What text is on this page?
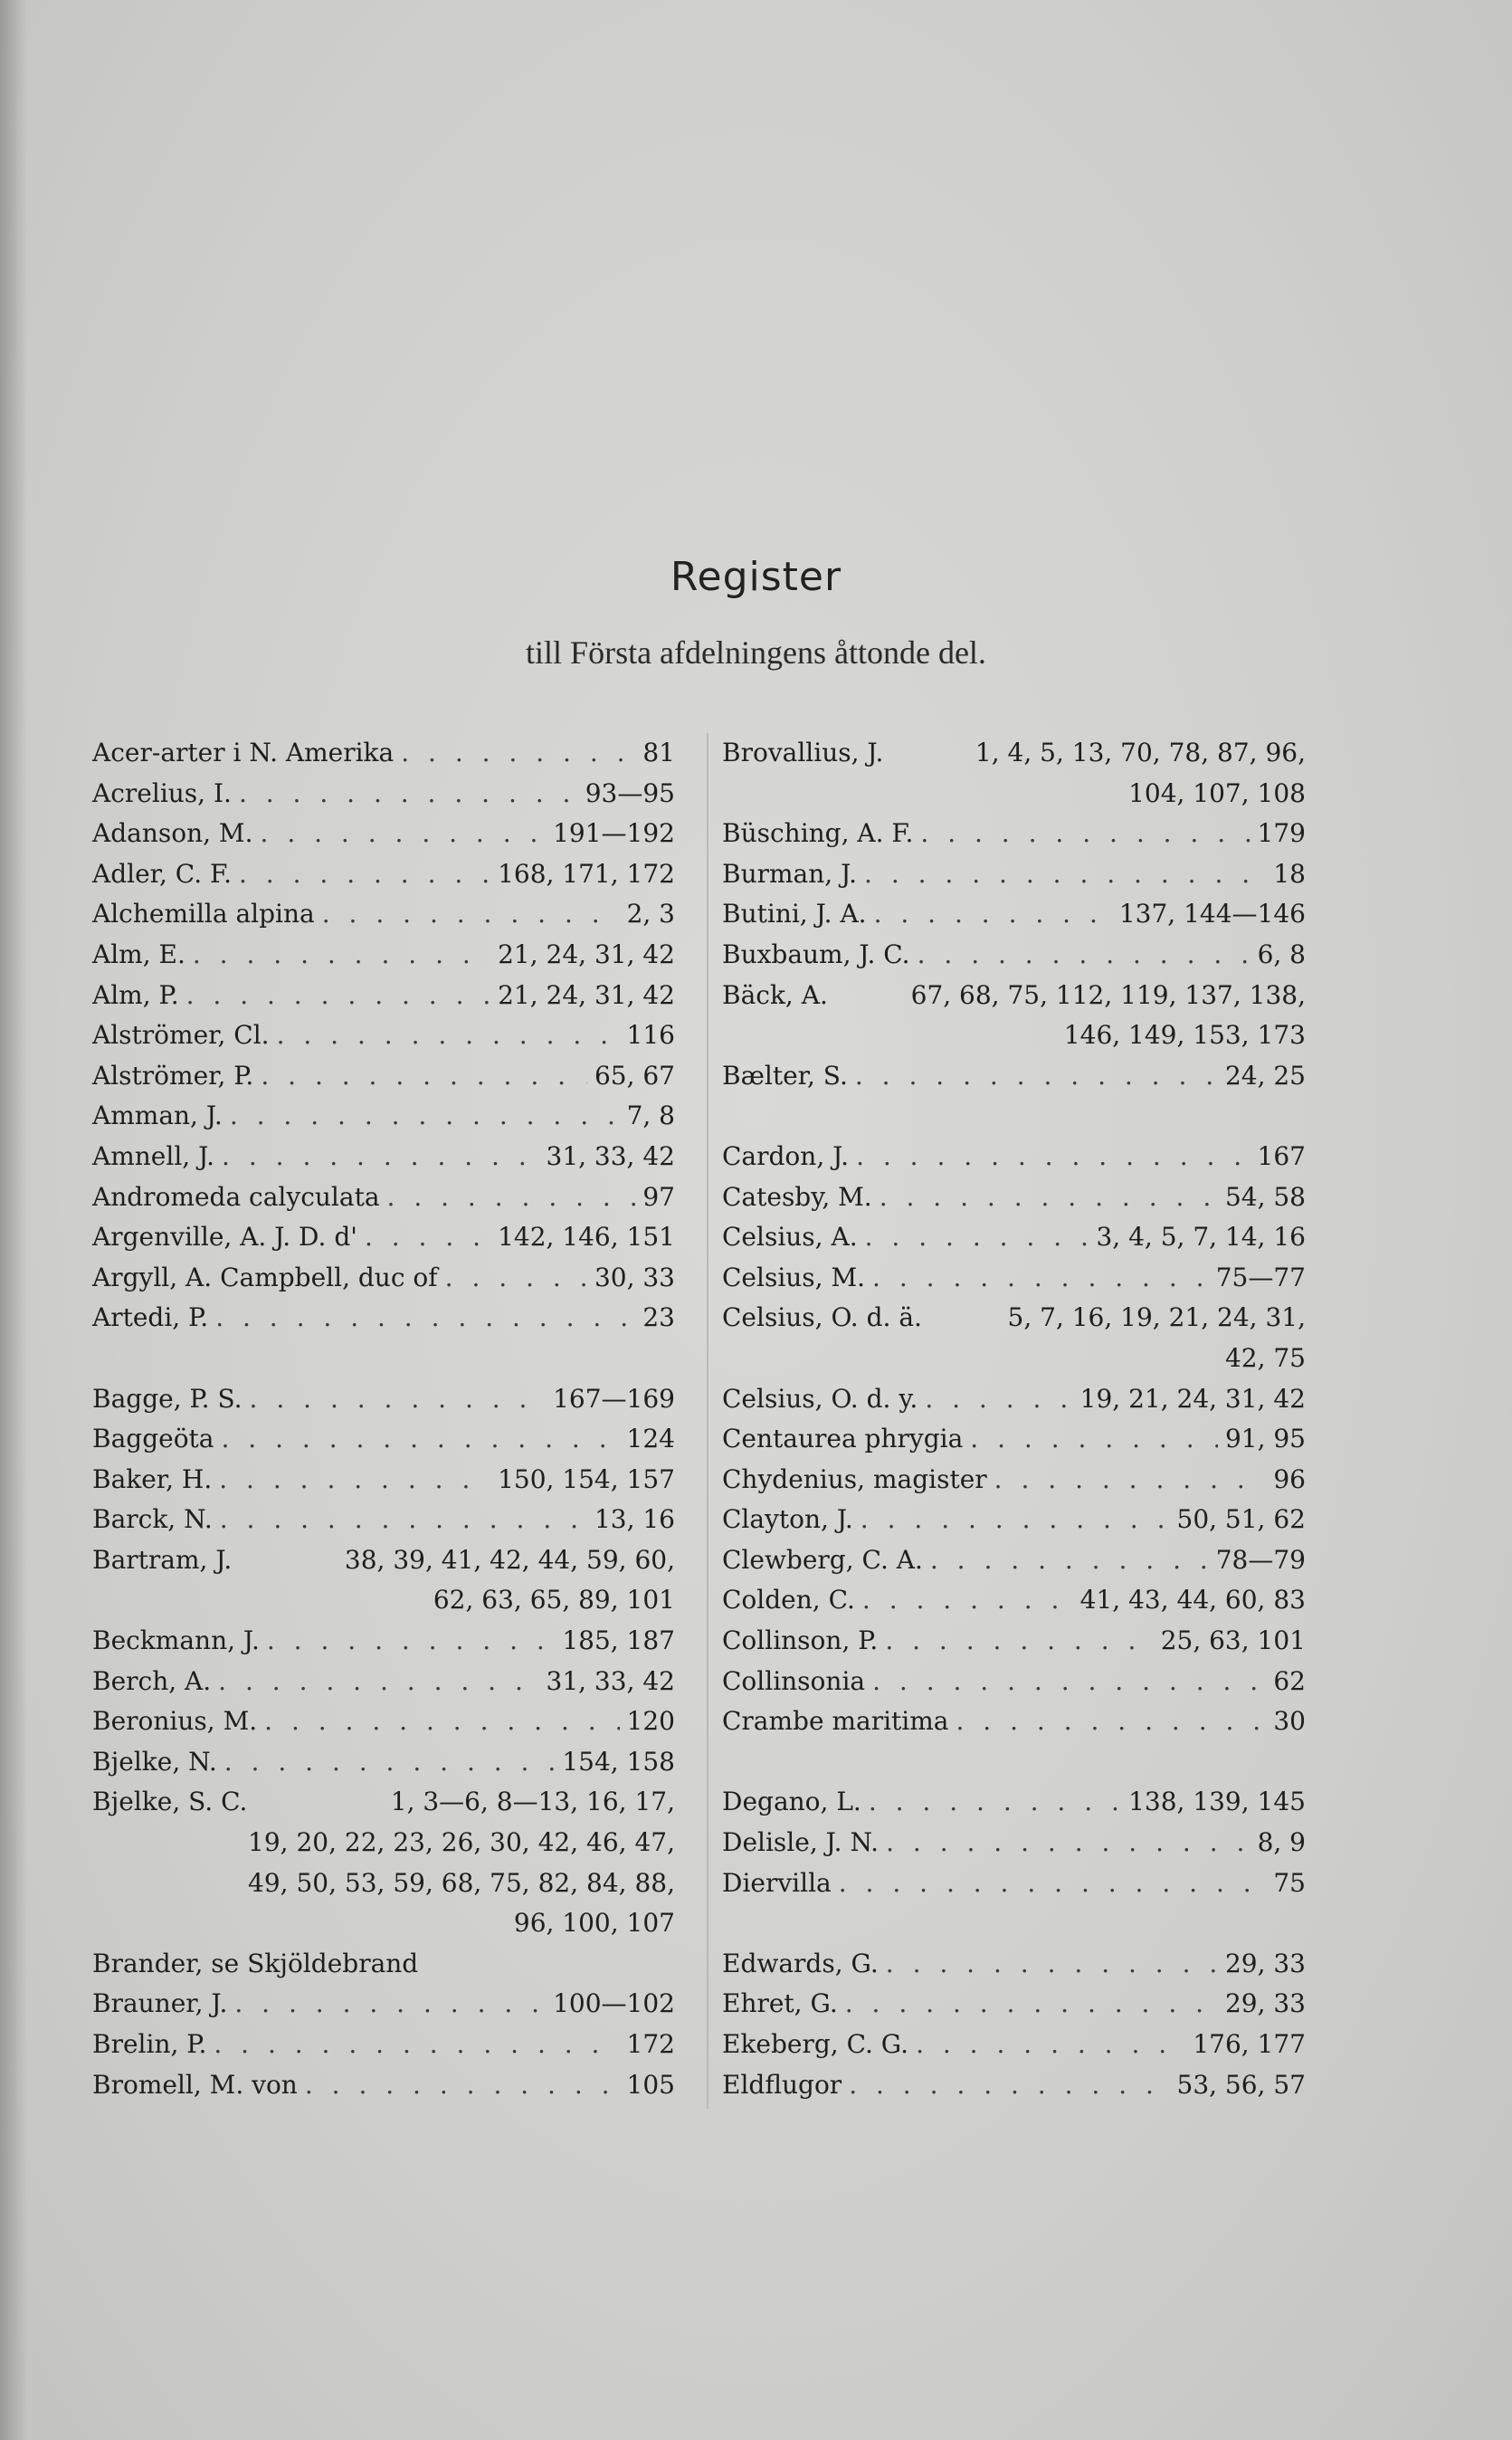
Register
till Första afdelningens åttonde del.
Acer-arter i N. Amerika . . .	81
Acrelius, I. . . .	93—95
Adanson, M. . . .	191—192
Adler, C. F. . . .	168, 171, 172
Alchemilla alpina . . .	2, 3
Alm, E. . . .	21, 24, 31, 42
Alm, P. . . .	21, 24, 31, 42
Alströmer, Cl. . . .	116
Alströmer, P. . . .	65, 67
Amman, J. . . .	7, 8
Amnell, J. . . .	31, 33, 42
Andromeda calyculata . . .	97
Argenville, A. J. D. d' . . .	142, 146, 151
Argyll, A. Campbell, duc of . . .	30, 33
Artedi, P. . . .	23
Bagge, P. S. . . .	167—169
Baggeöta . . .	124
Baker, H. . . .	150, 154, 157
Barck, N. . . .	13, 16
Bartram, J.	38, 39, 41, 42, 44, 59, 60,
62, 63, 65, 89, 101
Beckmann, J. . . .	185, 187
Berch, A. . . .	31, 33, 42
Beronius, M. . . .	120
Bjelke, N. . . .	154, 158
Bjelke, S. C.	1, 3—6, 8—13, 16, 17,
19, 20, 22, 23, 26, 30, 42, 46, 47,
49, 50, 53, 59, 68, 75, 82, 84, 88,
96, 100, 107
Brander, se Skjöldebrand
Brauner, J. . . .	100—102
Brelin, P. . . .	172
Bromell, M. von . . .	105
Brovallius, J.	1, 4, 5, 13, 70, 78, 87, 96,
104, 107, 108
Büsching, A. F. . . .	179
Burman, J. . . .	18
Butini, J. A. . . .	137, 144—146
Buxbaum, J. C. . . .	6, 8
Bäck, A.	67, 68, 75, 112, 119, 137, 138,
146, 149, 153, 173
Bælter, S. . . .	24, 25
Cardon, J. . . .	167
Catesby, M. . . .	54, 58
Celsius, A. . . .	3, 4, 5, 7, 14, 16
Celsius, M. . . .	75—77
Celsius, O. d. ä.	5, 7, 16, 19, 21, 24, 31,
42, 75
Celsius, O. d. y. . . .	19, 21, 24, 31, 42
Centaurea phrygia . . .	91, 95
Chydenius, magister . . .	96
Clayton, J. . . .	50, 51, 62
Clewberg, C. A. . . .	78—79
Colden, C. . . .	41, 43, 44, 60, 83
Collinson, P. . . .	25, 63, 101
Collinsonia . . .	62
Crambe maritima . . .	30
Degano, L. . . .	138, 139, 145
Delisle, J. N. . . .	8, 9
Diervilla . . .	75
Edwards, G. . . .	29, 33
Ehret, G. . . .	29, 33
Ekeberg, C. G. . . .	176, 177
Eldflugor . . .	53, 56, 57
